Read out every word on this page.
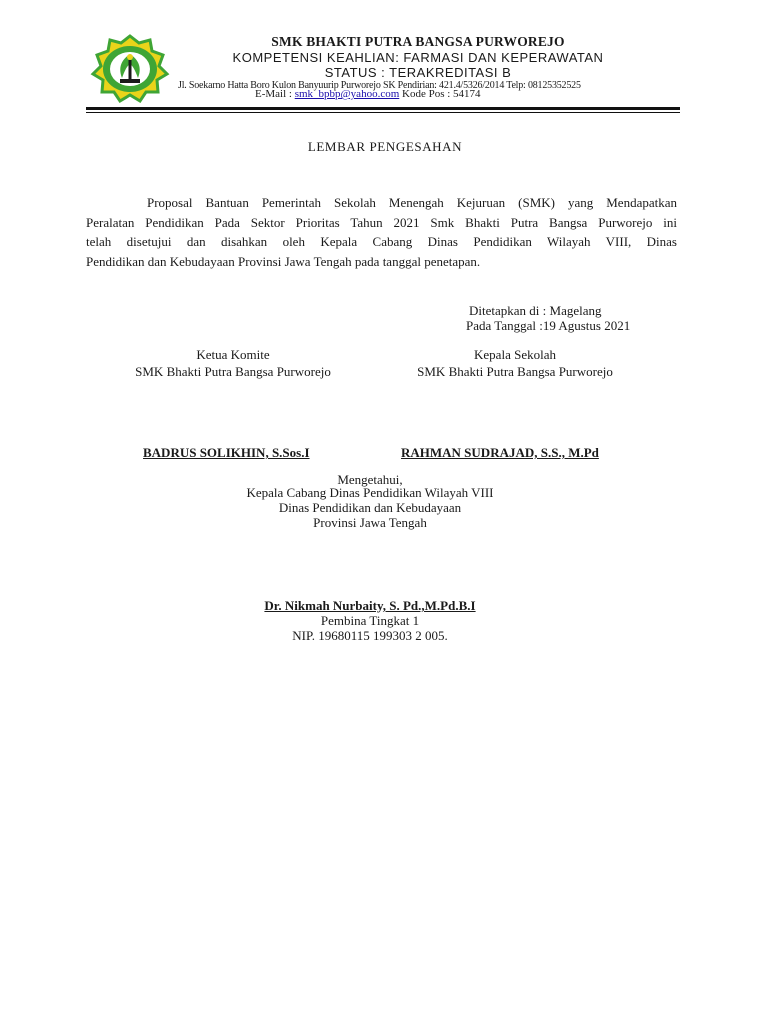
SMK BHAKTI PUTRA BANGSA PURWOREJO
KOMPETENSI KEAHLIAN: FARMASI DAN KEPERAWATAN
STATUS : TERAKREDITASI B
Jl. Soekarno Hatta Boro Kulon Banyuurip Purworejo SK Pendirian: 421.4/5326/2014 Telp: 08125352525
E-Mail : smk_bpbp@yahoo.com Kode Pos : 54174
LEMBAR PENGESAHAN
Proposal Bantuan Pemerintah Sekolah Menengah Kejuruan (SMK) yang Mendapatkan
Peralatan Pendidikan Pada Sektor Prioritas Tahun 2021 Smk Bhakti Putra Bangsa Purworejo ini
telah disetujui dan disahkan oleh Kepala Cabang Dinas Pendidikan Wilayah VIII, Dinas
Pendidikan dan Kebudayaan Provinsi Jawa Tengah pada tanggal penetapan.
Ditetapkan di : Magelang
Pada Tanggal :19 Agustus 2021
Ketua Komite
SMK Bhakti Putra Bangsa Purworejo
Kepala Sekolah
SMK Bhakti Putra Bangsa Purworejo
BADRUS SOLIKHIN, S.Sos.I	RAHMAN SUDRAJAD, S.S., M.Pd
Mengetahui,
Kepala Cabang Dinas Pendidikan Wilayah VIII
Dinas Pendidikan dan Kebudayaan
Provinsi Jawa Tengah
Dr. Nikmah Nurbaity, S. Pd.,M.Pd.B.I
Pembina Tingkat 1
NIP. 19680115 199303 2 005.
